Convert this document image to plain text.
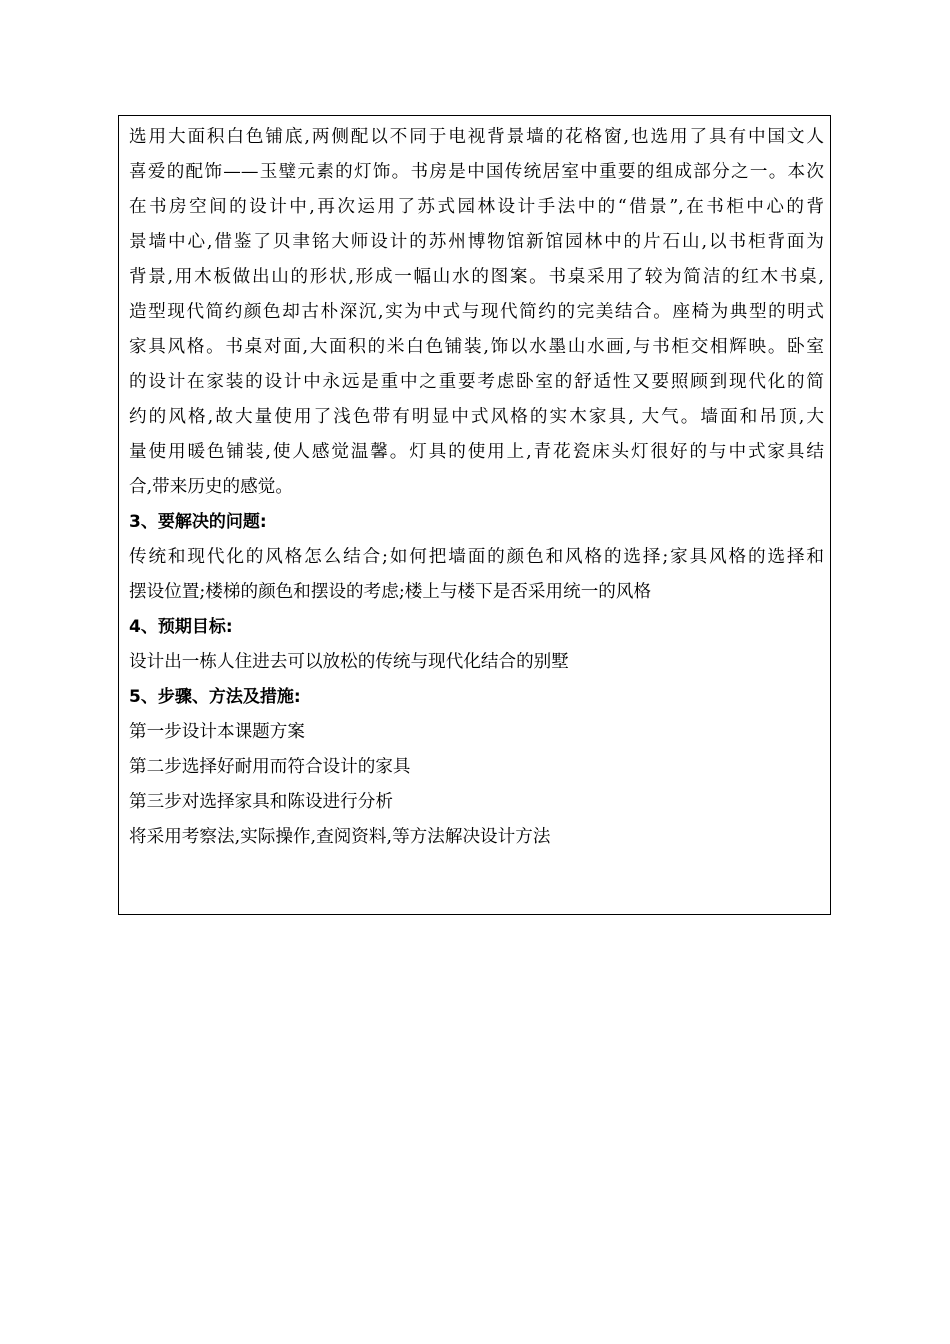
选用大面积白色铺底,两侧配以不同于电视背景墙的花格窗,也选用了具有中国文人
喜爱的配饰——玉璧元素的灯饰。书房是中国传统居室中重要的组成部分之一。本次
在书房空间的设计中,再次运用了苏式园林设计手法中的“借景”,在书柜中心的背
景墙中心,借鉴了贝聿铭大师设计的苏州博物馆新馆园林中的片石山,以书柜背面为
背景,用木板做出山的形状,形成一幅山水的图案。书桌采用了较为简洁的红木书桌,
造型现代简约颜色却古朴深沉,实为中式与现代简约的完美结合。座椅为典型的明式
家具风格。书桌对面,大面积的米白色铺装,饰以水墨山水画,与书柜交相辉映。卧室
的设计在家装的设计中永远是重中之重要考虑卧室的舒适性又要照顾到现代化的简
约的风格,故大量使用了浅色带有明显中式风格的实木家具, 大气。墙面和吊顶,大
量使用暖色铺装,使人感觉温馨。灯具的使用上,青花瓷床头灯很好的与中式家具结
合,带来历史的感觉。
3、要解决的问题:
传统和现代化的风格怎么结合;如何把墙面的颜色和风格的选择;家具风格的选择和
摆设位置;楼梯的颜色和摆设的考虑;楼上与楼下是否采用统一的风格
4、预期目标:
设计出一栋人住进去可以放松的传统与现代化结合的别墅
5、步骤、方法及措施:
第一步设计本课题方案
第二步选择好耐用而符合设计的家具
第三步对选择家具和陈设进行分析
将采用考察法,实际操作,查阅资料,等方法解决设计方法
